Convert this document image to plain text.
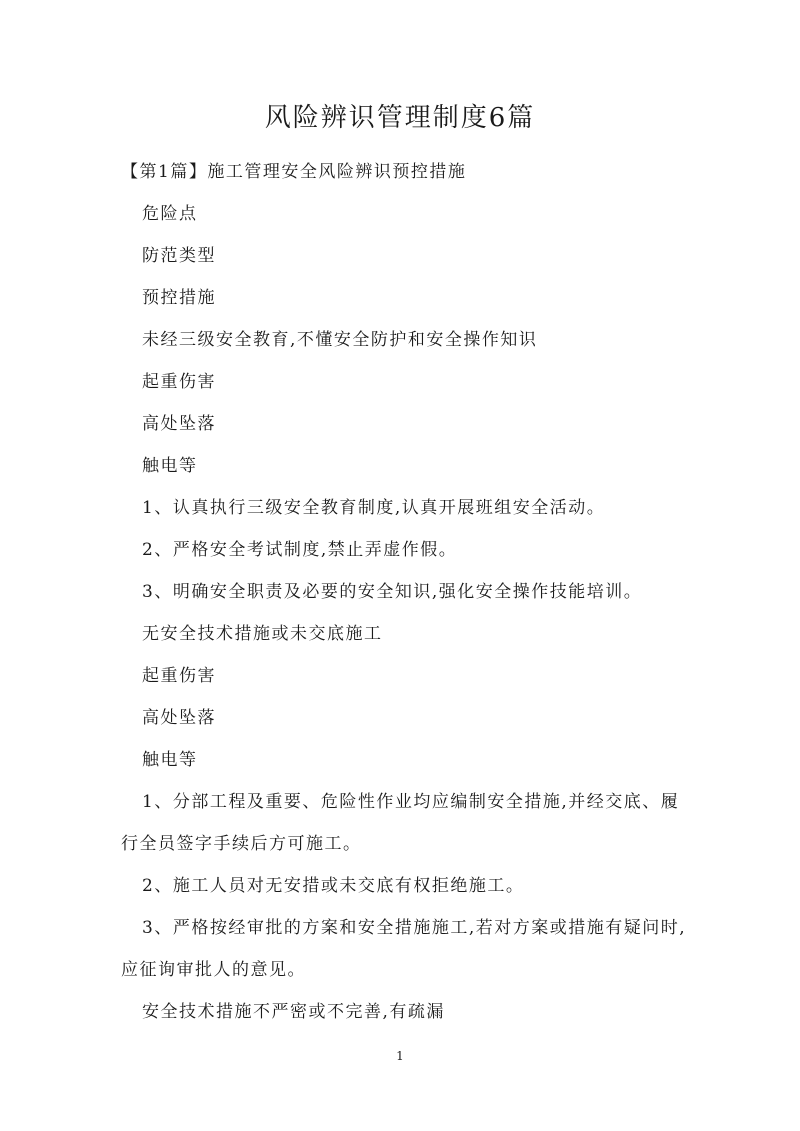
风险辨识管理制度6篇
【第1篇】施工管理安全风险辨识预控措施
危险点
防范类型
预控措施
未经三级安全教育,不懂安全防护和安全操作知识
起重伤害
高处坠落
触电等
1、认真执行三级安全教育制度,认真开展班组安全活动。
2、严格安全考试制度,禁止弄虚作假。
3、明确安全职责及必要的安全知识,强化安全操作技能培训。
无安全技术措施或未交底施工
起重伤害
高处坠落
触电等
1、分部工程及重要、危险性作业均应编制安全措施,并经交底、履
行全员签字手续后方可施工。
2、施工人员对无安措或未交底有权拒绝施工。
3、严格按经审批的方案和安全措施施工,若对方案或措施有疑问时,
应征询审批人的意见。
安全技术措施不严密或不完善,有疏漏
1
